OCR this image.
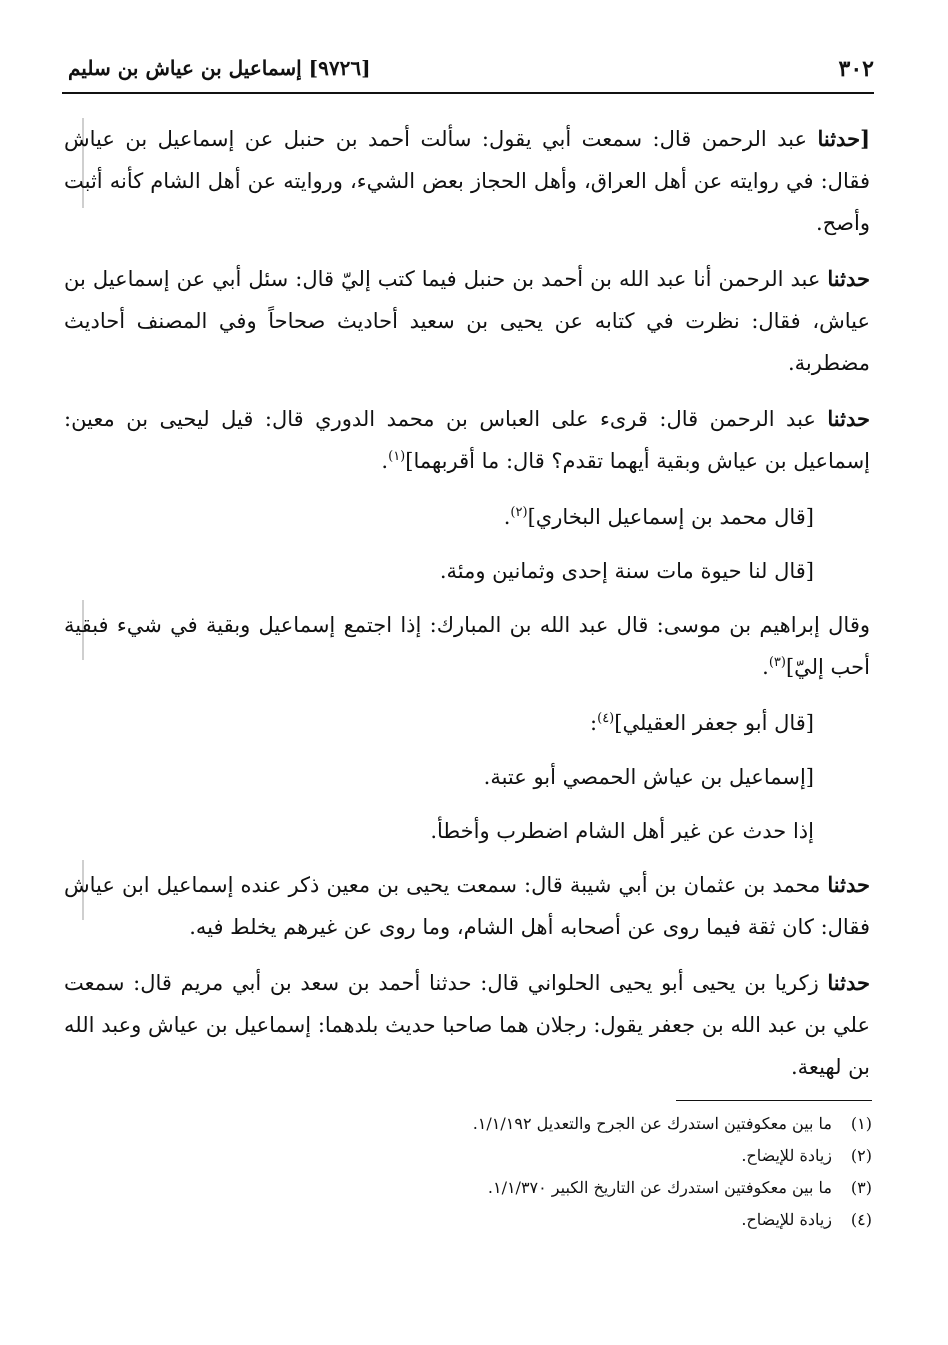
٣٠٢
[٩٧٢٦] إسماعيل بن عياش بن سليم

[حدثنا عبد الرحمن قال: سمعت أبي يقول: سألت أحمد بن حنبل عن إسماعيل بن عياش فقال: في روايته عن أهل العراق، وأهل الحجاز بعض الشيء، وروايته عن أهل الشام كأنه أثبت وأصح.

حدثنا عبد الرحمن أنا عبد الله بن أحمد بن حنبل فيما كتب إليّ قال: سئل أبي عن إسماعيل بن عياش، فقال: نظرت في كتابه عن يحيى بن سعيد أحاديث صحاحاً وفي المصنف أحاديث مضطربة.

حدثنا عبد الرحمن قال: قرىء على العباس بن محمد الدوري قال: قيل ليحيى بن معين: إسماعيل بن عياش وبقية أيهما تقدم؟ قال: ما أقربهما]$^{(١)}$.

[قال محمد بن إسماعيل البخاري]$^{(٢)}$.

[قال لنا حيوة مات سنة إحدى وثمانين ومئة.

وقال إبراهيم بن موسى: قال عبد الله بن المبارك: إذا اجتمع إسماعيل وبقية في شيء فبقية أحب إليّ]$^{(٣)}$.

[قال أبو جعفر العقيلي]$^{(٤)}$:

[إسماعيل بن عياش الحمصي أبو عتبة.

إذا حدث عن غير أهل الشام اضطرب وأخطأ.

حدثنا محمد بن عثمان بن أبي شيبة قال: سمعت يحيى بن معين ذكر عنده إسماعيل ابن عياش فقال: كان ثقة فيما روى عن أصحابه أهل الشام، وما روى عن غيرهم يخلط فيه.

حدثنا زكريا بن يحيى أبو يحيى الحلواني قال: حدثنا أحمد بن سعد بن أبي مريم قال: سمعت علي بن عبد الله بن جعفر يقول: رجلان هما صاحبا حديث بلدهما: إسماعيل بن عياش وعبد الله بن لهيعة.

(١)ما بين معكوفتين استدرك عن الجرح والتعديل ١/١/١٩٢.

(٢)زيادة للإيضاح.

(٣)ما بين معكوفتين استدرك عن التاريخ الكبير ١/١/٣٧٠.

(٤)زيادة للإيضاح.
